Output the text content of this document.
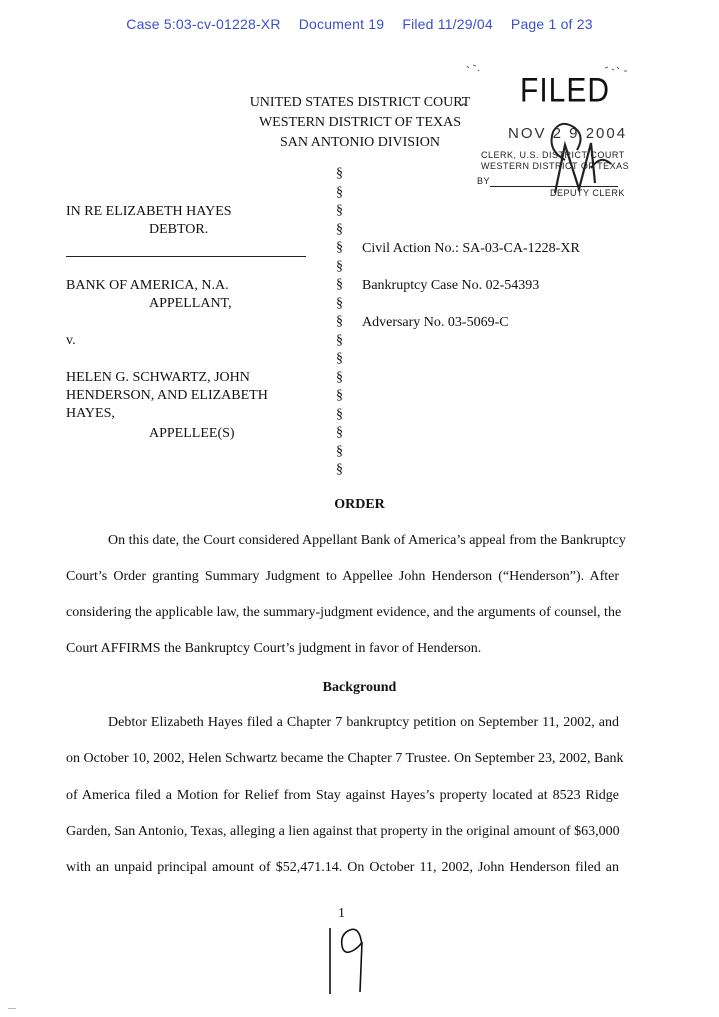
Case 5:03-cv-01228-XR Document 19 Filed 11/29/04 Page 1 of 23
UNITED STATES DISTRICT COURT
WESTERN DISTRICT OF TEXAS
SAN ANTONIO DIVISION
FILED
NOV 2 9 2004
CLERK, U.S. DISTRICT COURT
WESTERN DISTRICT OF TEXAS
BY
DEPUTY CLERK
IN RE ELIZABETH HAYES
DEBTOR.
BANK OF AMERICA, N.A.
APPELLANT,
v.
HELEN G. SCHWARTZ, JOHN
HENDERSON, AND ELIZABETH
HAYES,
APPELLEE(S)
§
§
§
§
§
§
§
§
§
§
§
§
§
§
§
§
§
Civil Action No.: SA-03-CA-1228-XR
Bankruptcy Case No. 02-54393
Adversary No. 03-5069-C
ORDER
On this date, the Court considered Appellant Bank of America’s appeal from the Bankruptcy
Court’s Order granting Summary Judgment to Appellee John Henderson (“Henderson”). After
considering the applicable law, the summary-judgment evidence, and the arguments of counsel, the
Court AFFIRMS the Bankruptcy Court’s judgment in favor of Henderson.
Background
Debtor Elizabeth Hayes filed a Chapter 7 bankruptcy petition on September 11, 2002, and
on October 10, 2002, Helen Schwartz became the Chapter 7 Trustee. On September 23, 2002, Bank
of America filed a Motion for Relief from Stay against Hayes’s property located at 8523 Ridge
Garden, San Antonio, Texas, alleging a lien against that property in the original amount of $63,000
with an unpaid principal amount of $52,471.14. On October 11, 2002, John Henderson filed an
1
